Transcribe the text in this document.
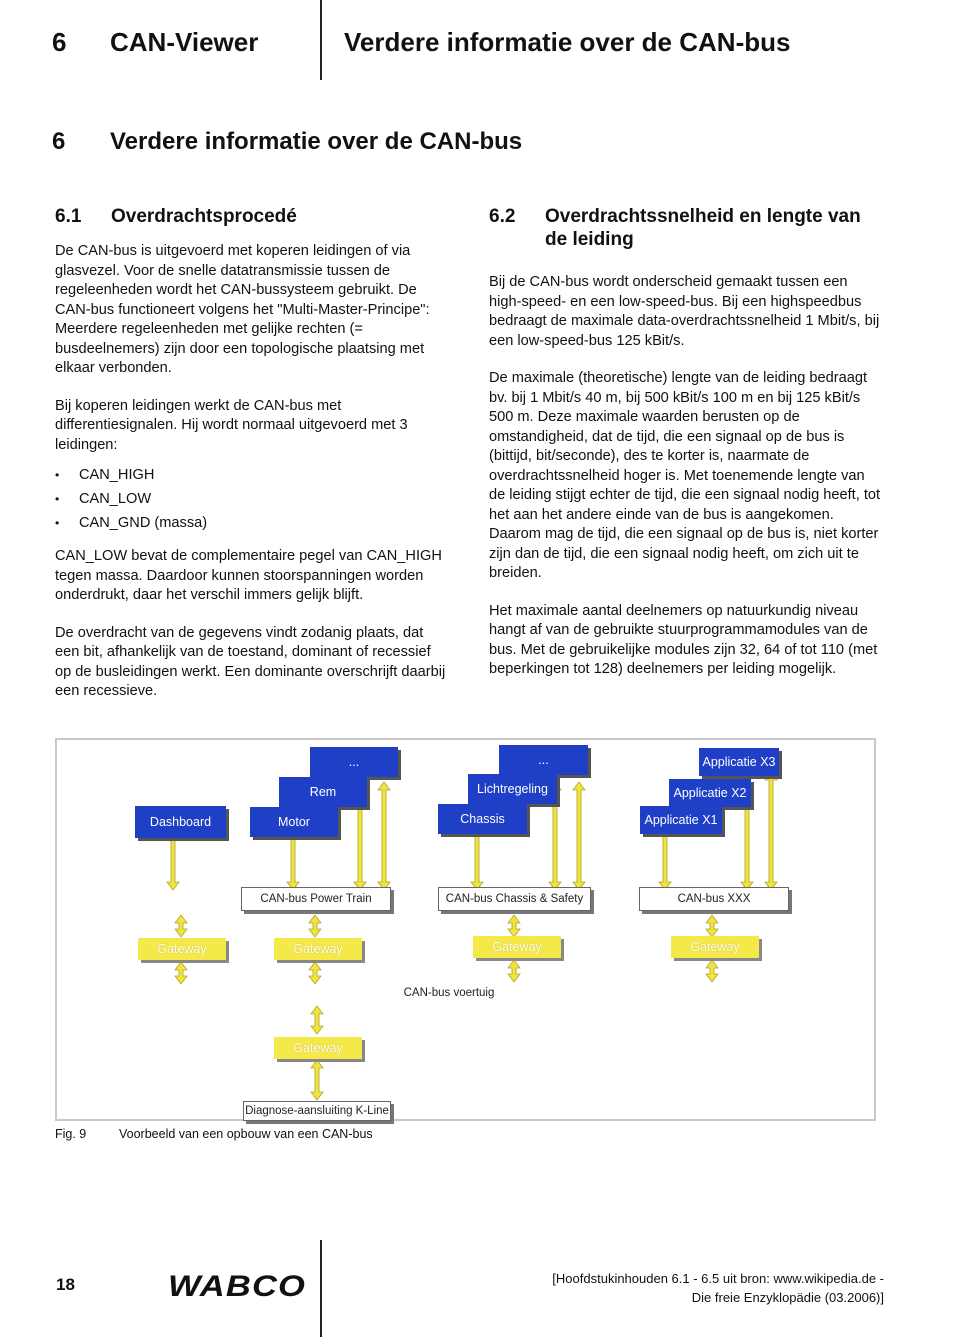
6 CAN-Viewer	Verdere informatie over de CAN-bus
6 Verdere informatie over de CAN-bus
6.1 Overdrachtsprocedé

De CAN-bus is uitgevoerd met koperen leidingen of via glasvezel. Voor de snelle datatransmissie tussen de regeleenheden wordt het CAN-bussysteem gebruikt. De CAN-bus functioneert volgens het "Multi-Master-Principe": Meerdere regeleenheden met gelijke rechten (= busdeelnemers) zijn door een topologische plaatsing met elkaar verbonden.

Bij koperen leidingen werkt de CAN-bus met differentiesignalen. Hij wordt normaal uitgevoerd met 3 leidingen:

• CAN_HIGH
• CAN_LOW
• CAN_GND (massa)

CAN_LOW bevat de complementaire pegel van CAN_HIGH tegen massa. Daardoor kunnen stoorspanningen worden onderdrukt, daar het verschil immers gelijk blijft.

De overdracht van de gegevens vindt zodanig plaats, dat een bit, afhankelijk van de toestand, dominant of recessief op de busleidingen werkt. Een dominante overschrijft daarbij een recessieve.

6.2	Overdrachtssnelheid en lengte van de leiding

Bij de CAN-bus wordt onderscheid gemaakt tussen een high-speed- en een low-speed-bus. Bij een highspeedbus bedraagt de maximale data-overdrachtssnelheid 1 Mbit/s, bij een low-speed-bus 125 kBit/s.

De maximale (theoretische) lengte van de leiding bedraagt bv. bij 1 Mbit/s 40 m, bij 500 kBit/s 100 m en bij 125 kBit/s 500 m. Deze maximale waarden berusten op de omstandigheid, dat de tijd, die een signaal op de bus is (bittijd, bit/seconde), des te korter is, naarmate de overdrachtssnelheid hoger is. Met toenemende lengte van de leiding stijgt echter de tijd, die een signaal nodig heeft, tot het aan het andere einde van de bus is aangekomen. Daarom mag de tijd, die een signaal op de bus is, niet korter zijn dan de tijd, die een signaal nodig heeft, om zich uit te breiden.

Het maximale aantal deelnemers op natuurkundig niveau hangt af van de gebruikte stuurprogrammamodules van de bus. Met de gebruikelijke modules zijn 32, 64 of tot 110 (met beperkingen tot 128) deelnemers per leiding mogelijk.

Dashboard
...
Rem
Motor
...
Lichtregeling
Chassis
Applicatie X3
Applicatie X2
Applicatie X1
CAN-bus Power Train	CAN-bus Chassis & Safety	CAN-bus XXX
Gateway	Gateway	Gateway	Gateway
CAN-bus voertuig
Gateway
Diagnose-aansluiting K-Line
Fig. 9	Voorbeeld van een opbouw van een CAN-bus
18	WABCO	[Hoofdstukinhouden 6.1 - 6.5 uit bron: www.wikipedia.de -
Die freie Enzyklopädie (03.2006)]
